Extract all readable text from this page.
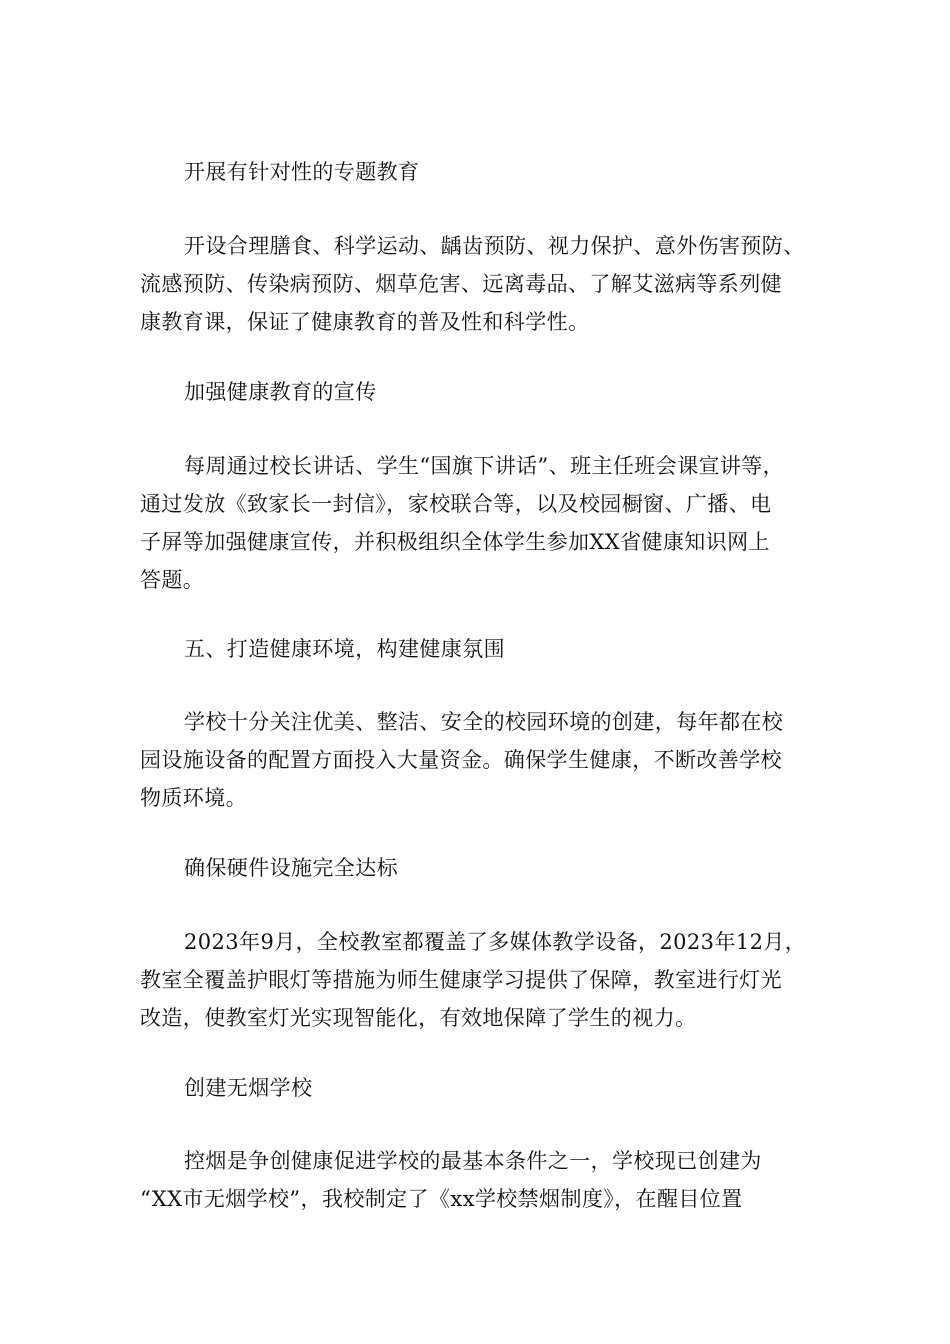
开展有针对性的专题教育
开设合理膳食、科学运动、龋齿预防、视力保护、意外伤害预防、
流感预防、传染病预防、烟草危害、远离毒品、了解艾滋病等系列健
康教育课，保证了健康教育的普及性和科学性。
加强健康教育的宣传
每周通过校长讲话、学生“国旗下讲话”、班主任班会课宣讲等，
通过发放《致家长一封信》，家校联合等，以及校园橱窗、广播、电
子屏等加强健康宣传，并积极组织全体学生参加XX省健康知识网上
答题。
五、打造健康环境，构建健康氛围
学校十分关注优美、整洁、安全的校园环境的创建，每年都在校
园设施设备的配置方面投入大量资金。确保学生健康，不断改善学校
物质环境。
确保硬件设施完全达标
2023年9月，全校教室都覆盖了多媒体教学设备，2023年12月，
教室全覆盖护眼灯等措施为师生健康学习提供了保障，教室进行灯光
改造，使教室灯光实现智能化，有效地保障了学生的视力。
创建无烟学校
控烟是争创健康促进学校的最基本条件之一，学校现已创建为
“XX市无烟学校”，我校制定了《xx学校禁烟制度》，在醒目位置
